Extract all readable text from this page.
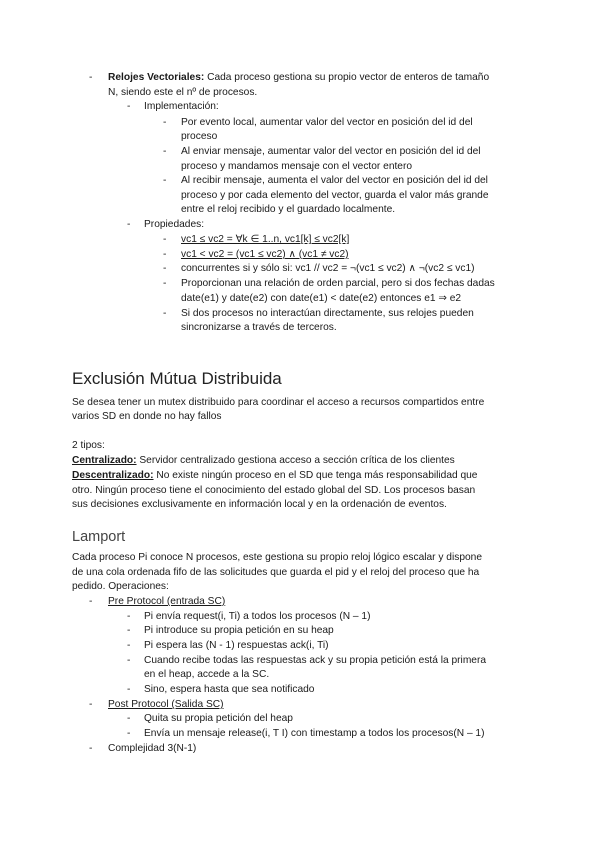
- Relojes Vectoriales: Cada proceso gestiona su propio vector de enteros de tamaño
N, siendo este el nº de procesos.
- Implementación:
- Por evento local, aumentar valor del vector en posición del id del
proceso
- Al enviar mensaje, aumentar valor del vector en posición del id del
proceso y mandamos mensaje con el vector entero
- Al recibir mensaje, aumenta el valor del vector en posición del id del
proceso y por cada elemento del vector, guarda el valor más grande
entre el reloj recibido y el guardado localmente.
- Propiedades:
- vc1 ≤ vc2 = ∀k ∈ 1..n, vc1[k] ≤ vc2[k]
- vc1 < vc2 = (vc1 ≤ vc2) ∧ (vc1 ≠ vc2)
- concurrentes si y sólo si: vc1 // vc2 = ¬(vc1 ≤ vc2) ∧ ¬(vc2 ≤ vc1)
- Proporcionan una relación de orden parcial, pero si dos fechas dadas
date(e1) y date(e2) con date(e1) < date(e2) entonces e1 ⇒ e2
- Si dos procesos no interactúan directamente, sus relojes pueden
sincronizarse a través de terceros.
Exclusión Mútua Distribuida
Se desea tener un mutex distribuido para coordinar el acceso a recursos compartidos entre
varios SD en donde no hay fallos
2 tipos:
Centralizado: Servidor centralizado gestiona acceso a sección crítica de los clientes
Descentralizado: No existe ningún proceso en el SD que tenga más responsabilidad que
otro. Ningún proceso tiene el conocimiento del estado global del SD. Los procesos basan
sus decisiones exclusivamente en información local y en la ordenación de eventos.
Lamport
Cada proceso Pi conoce N procesos, este gestiona su propio reloj lógico escalar y dispone
de una cola ordenada fifo de las solicitudes que guarda el pid y el reloj del proceso que ha
pedido. Operaciones:
- Pre Protocol (entrada SC)
- Pi envía request(i, Ti) a todos los procesos (N – 1)
- Pi introduce su propia petición en su heap
- Pi espera las (N - 1) respuestas ack(i, Ti)
- Cuando recibe todas las respuestas ack y su propia petición está la primera
en el heap, accede a la SC.
- Sino, espera hasta que sea notificado
- Post Protocol (Salida SC)
- Quita su propia petición del heap
- Envía un mensaje release(i, T I) con timestamp a todos los procesos(N – 1)
- Complejidad 3(N-1)
